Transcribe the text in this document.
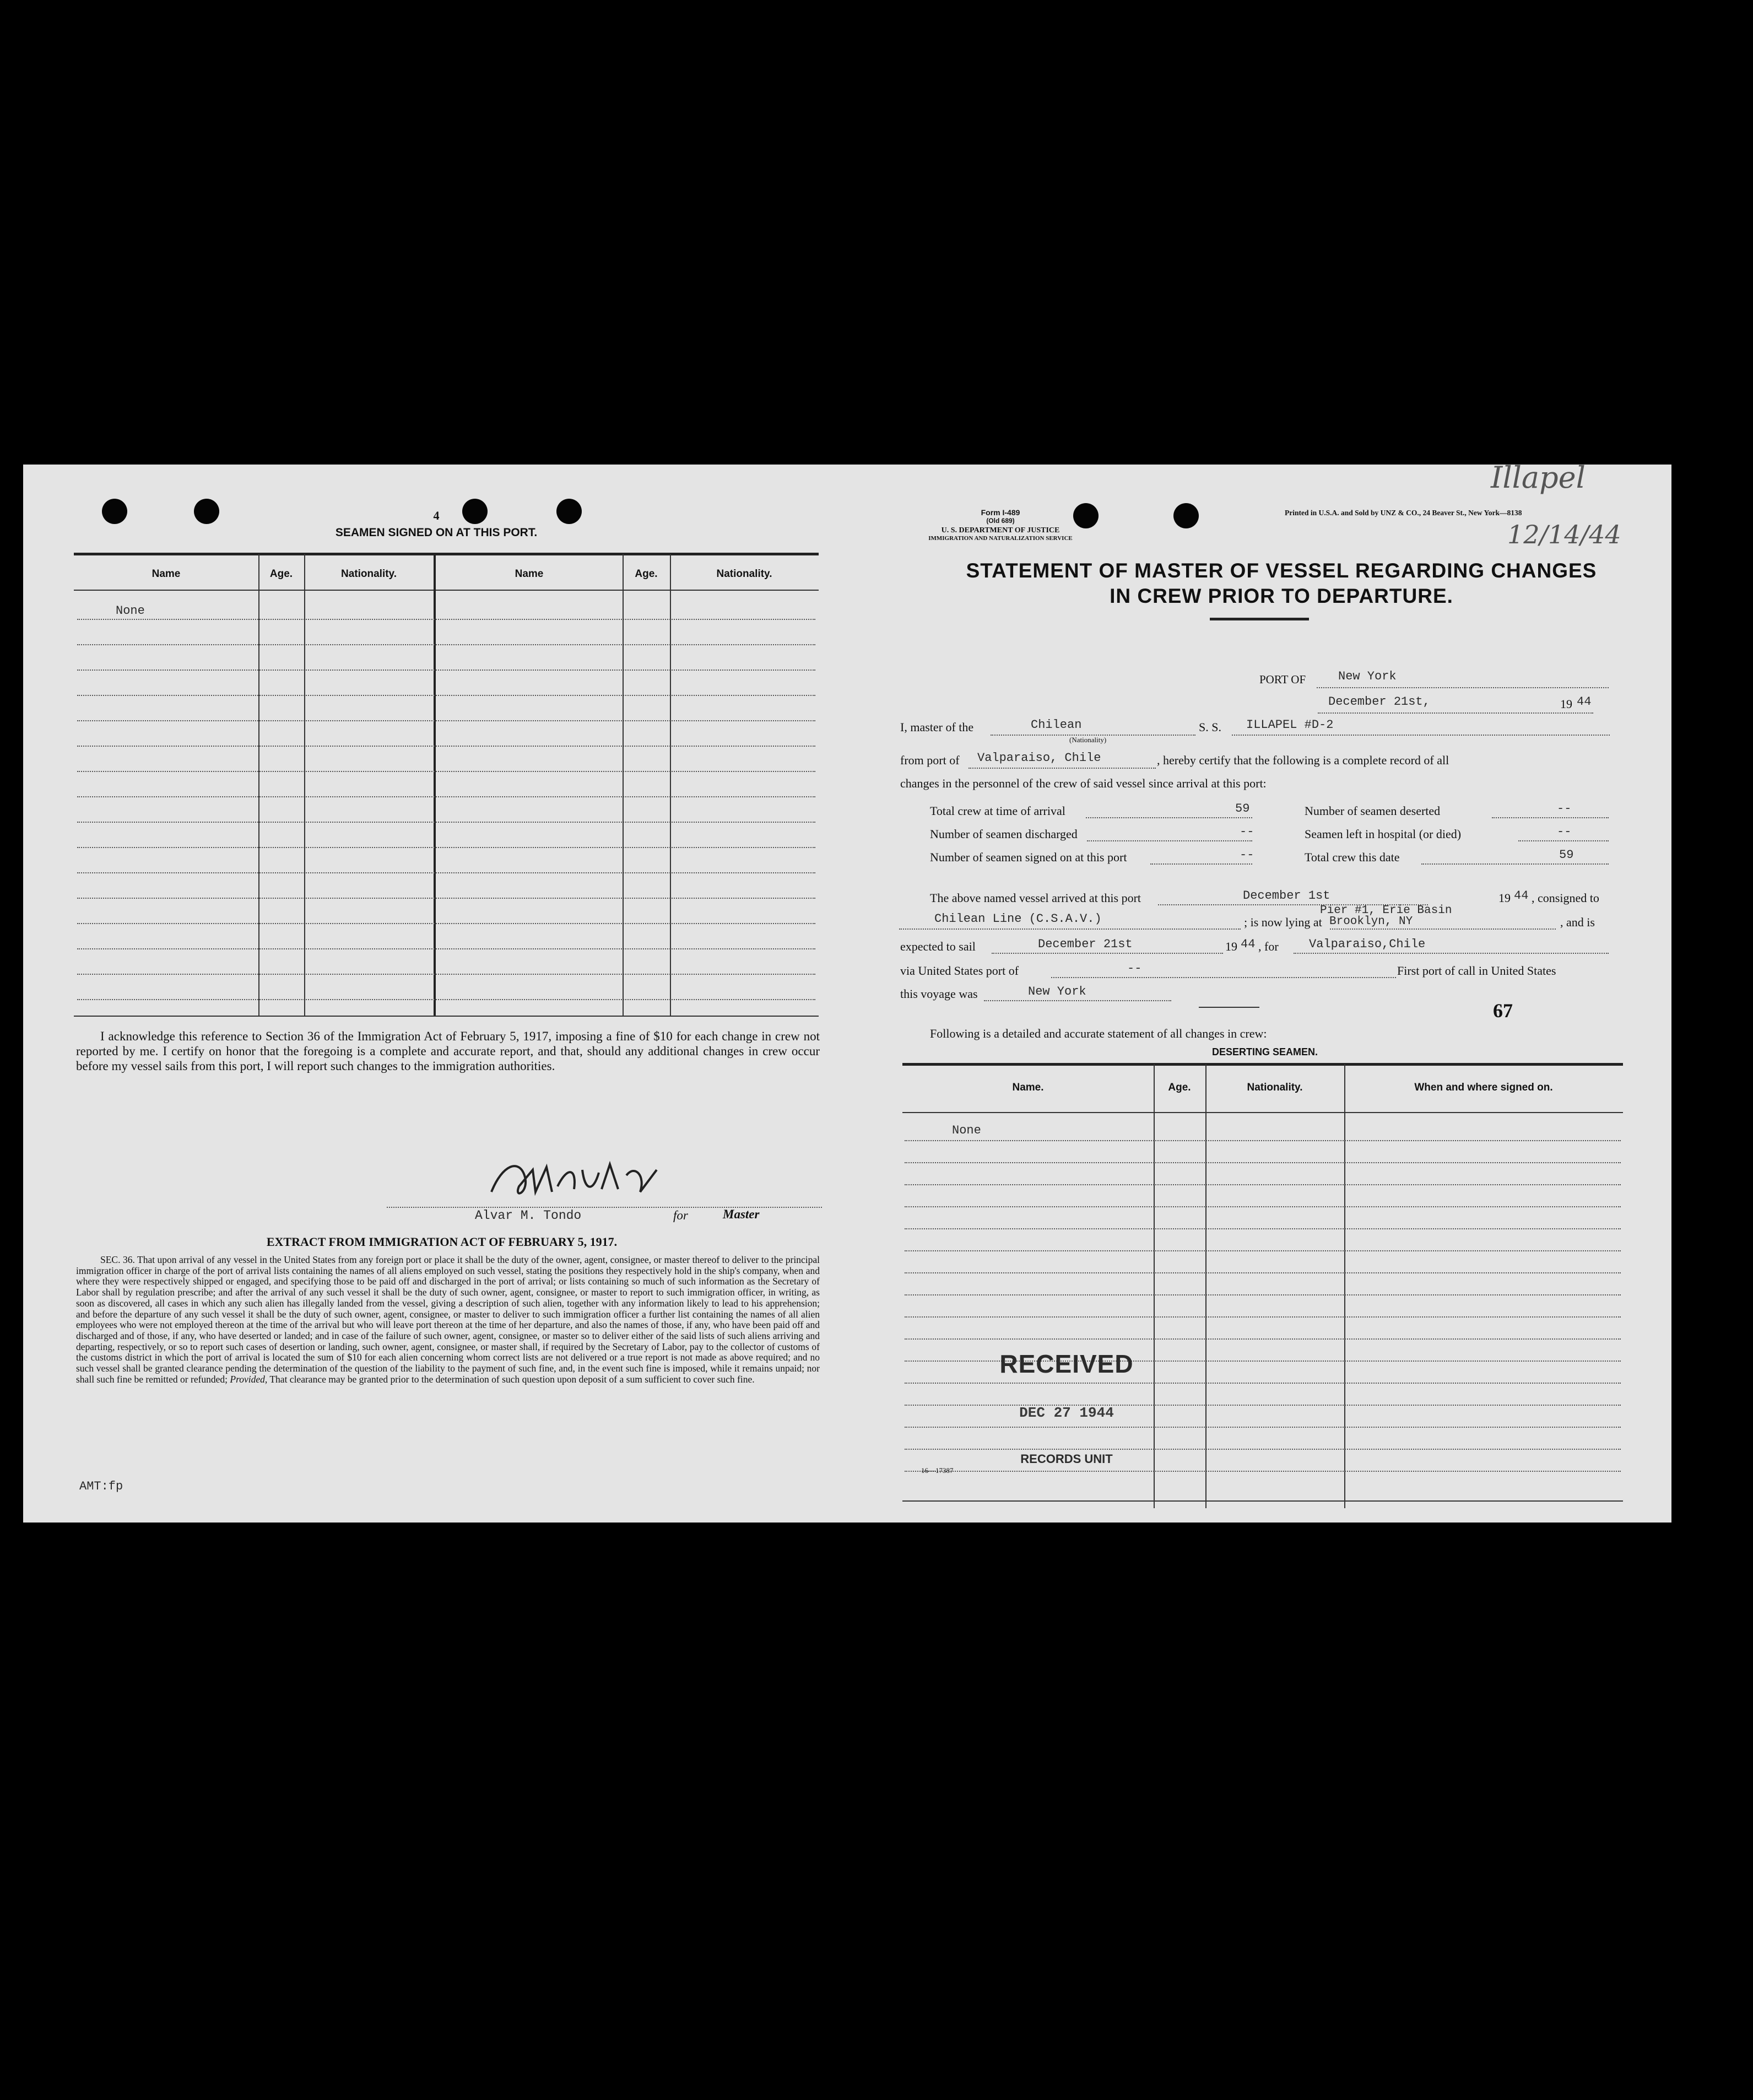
4
SEAMEN SIGNED ON AT THIS PORT.
Name	Age.	Nationality.	Name	Age.	Nationality.
None
I acknowledge this reference to Section 36 of the Immigration Act of February 5, 1917, imposing a fine of $10 for each change in crew not reported by me. I certify on honor that the foregoing is a complete and accurate report, and that, should any additional changes in crew occur before my vessel sails from this port, I will report such changes to the immigration authorities.
Alvar M. Tondo	for	Master
EXTRACT FROM IMMIGRATION ACT OF FEBRUARY 5, 1917.
SEC. 36. That upon arrival of any vessel in the United States from any foreign port or place it shall be the duty of the owner, agent, consignee, or master thereof to deliver to the principal immigration officer in charge of the port of arrival lists containing the names of all aliens employed on such vessel, stating the positions they respectively hold in the ship's company, when and where they were respectively shipped or engaged, and specifying those to be paid off and discharged in the port of arrival; or lists containing so much of such information as the Secretary of Labor shall by regulation prescribe; and after the arrival of any such vessel it shall be the duty of such owner, agent, consignee, or master to report to such immigration officer, in writing, as soon as discovered, all cases in which any such alien has illegally landed from the vessel, giving a description of such alien, together with any information likely to lead to his apprehension; and before the departure of any such vessel it shall be the duty of such owner, agent, consignee, or master to deliver to such immigration officer a further list containing the names of all alien employees who were not employed thereon at the time of the arrival but who will leave port thereon at the time of her departure, and also the names of those, if any, who have been paid off and discharged and of those, if any, who have deserted or landed; and in case of the failure of such owner, agent, consignee, or master so to deliver either of the said lists of such aliens arriving and departing, respectively, or so to report such cases of desertion or landing, such owner, agent, consignee, or master shall, if required by the Secretary of Labor, pay to the collector of customs of the customs district in which the port of arrival is located the sum of $10 for each alien concerning whom correct lists are not delivered or a true report is not made as above required; and no such vessel shall be granted clearance pending the determination of the question of the liability to the payment of such fine, and, in the event such fine is imposed, while it remains unpaid; nor shall such fine be remitted or refunded; Provided, That clearance may be granted prior to the determination of such question upon deposit of a sum sufficient to cover such fine.
AMT:fp
Form I-489
(Old 689)
U. S. DEPARTMENT OF JUSTICE
IMMIGRATION AND NATURALIZATION SERVICE
Printed in U.S.A. and Sold by UNZ & CO., 24 Beaver St., New York—8138
Illapel
12/14/44
STATEMENT OF MASTER OF VESSEL REGARDING CHANGES
IN CREW PRIOR TO DEPARTURE.
PORT OF	New York
December 21st,	19 44
I, master of the	Chilean
(Nationality)
S. S. ILLAPEL #D-2
from port of Valparaiso, Chile	, hereby certify that the following is a complete record of all
changes in the personnel of the crew of said vessel since arrival at this port:
Total crew at time of arrival	59	Number of seamen deserted	--
Number of seamen discharged	--	Seamen left in hospital (or died)	--
Number of seamen signed on at this port	--	Total crew this date	59
The above named vessel arrived at this port	December 1st	19 44 , consigned to
Chilean Line (C.S.A.V.)	; is now lying at
Pier #1, Erie Basin
Brooklyn, NY	, and is
expected to sail	December 21st	19 44 , for	Valparaiso,Chile
via United States port of	--	First port of call in United States
this voyage was	New York
67
Following is a detailed and accurate statement of all changes in crew:
DESERTING SEAMEN.
Name.	Age.	Nationality.	When and where signed on.
None
RECEIVED
DEC 27 1944
RECORDS UNIT
16—17387
